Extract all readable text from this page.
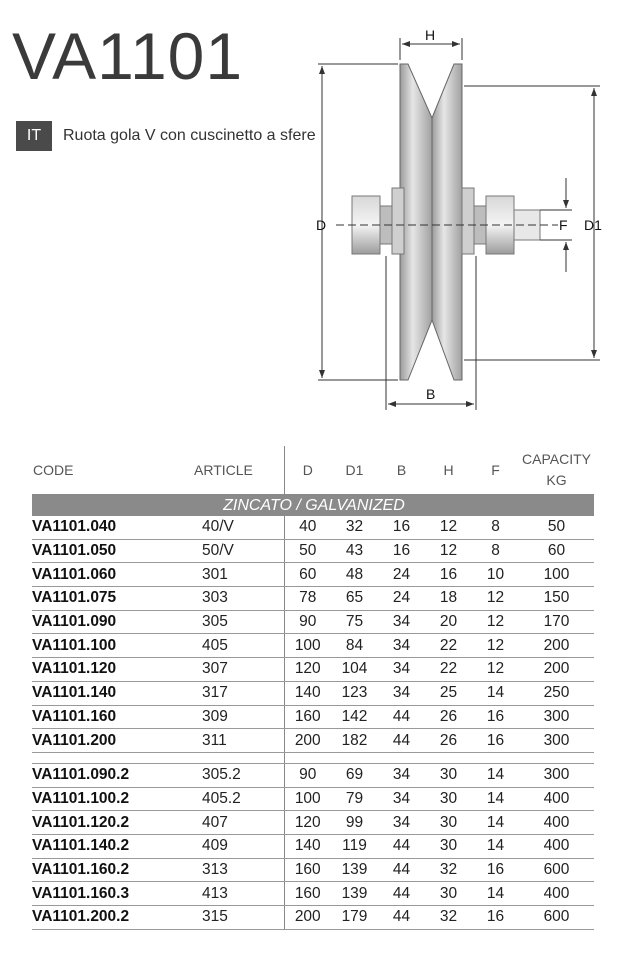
VA1101
IT	Ruota gola V con cuscinetto a sfere
H
D	D1
F
B
CODE	ARTICLE	D	D1	B	H	F	CAPACITY
KG

ZINCATO / GALVANIZED							
VA1101.040	40/V	40	32	16	12	8	50
VA1101.050	50/V	50	43	16	12	8	60
VA1101.060	301	60	48	24	16	10	100
VA1101.075	303	78	65	24	18	12	150
VA1101.090	305	90	75	34	20	12	170
VA1101.100	405	100	84	34	22	12	200
VA1101.120	307	120	104	34	22	12	200
VA1101.140	317	140	123	34	25	14	250
VA1101.160	309	160	142	44	26	16	300
VA1101.200	311	200	182	44	26	16	300

VA1101.090.2	305.2	90	69	34	30	14	300
VA1101.100.2	405.2	100	79	34	30	14	400
VA1101.120.2	407	120	99	34	30	14	400
VA1101.140.2	409	140	119	44	30	14	400
VA1101.160.2	313	160	139	44	32	16	600
VA1101.160.3	413	160	139	44	30	14	400
VA1101.200.2	315	200	179	44	32	16	600
